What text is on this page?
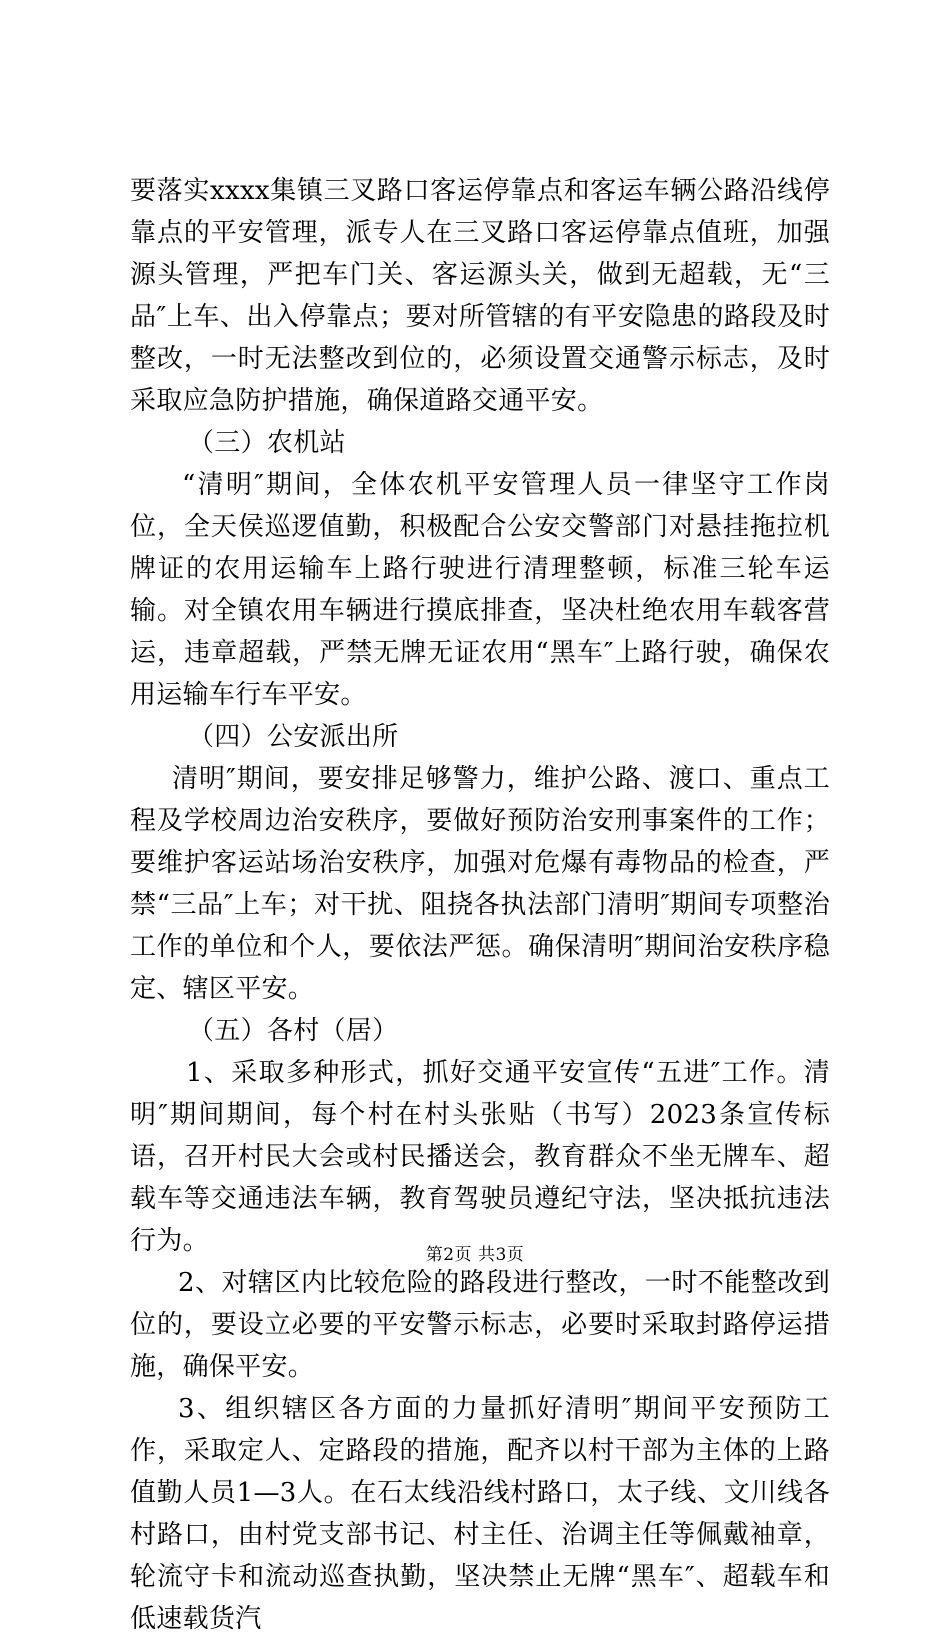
要落实xxxx集镇三叉路口客运停靠点和客运车辆公路沿线停靠点的平安管理，派专人在三叉路口客运停靠点值班，加强源头管理，严把车门关、客运源头关，做到无超载，无“三品″上车、出入停靠点；要对所管辖的有平安隐患的路段及时整改，一时无法整改到位的，必须设置交通警示标志，及时采取应急防护措施，确保道路交通平安。

（三）农机站

“清明″期间，全体农机平安管理人员一律坚守工作岗位，全天侯巡逻值勤，积极配合公安交警部门对悬挂拖拉机牌证的农用运输车上路行驶进行清理整顿，标准三轮车运输。对全镇农用车辆进行摸底排查，坚决杜绝农用车载客营运，违章超载，严禁无牌无证农用“黑车″上路行驶，确保农用运输车行车平安。

（四）公安派出所

清明″期间，要安排足够警力，维护公路、渡口、重点工程及学校周边治安秩序，要做好预防治安刑事案件的工作；要维护客运站场治安秩序，加强对危爆有毒物品的检查，严禁“三品″上车；对干扰、阻挠各执法部门清明″期间专项整治工作的单位和个人，要依法严惩。确保清明″期间治安秩序稳定、辖区平安。

（五）各村（居）

1、采取多种形式，抓好交通平安宣传“五进″工作。清明″期间期间，每个村在村头张贴（书写）2023条宣传标语，召开村民大会或村民播送会，教育群众不坐无牌车、超载车等交通违法车辆，教育驾驶员遵纪守法，坚决抵抗违法行为。

2、对辖区内比较危险的路段进行整改，一时不能整改到位的，要设立必要的平安警示标志，必要时采取封路停运措施，确保平安。

3、组织辖区各方面的力量抓好清明″期间平安预防工作，采取定人、定路段的措施，配齐以村干部为主体的上路值勤人员1—3人。在石太线沿线村路口，太子线、文川线各村路口，由村党支部书记、村主任、治调主任等佩戴袖章，轮流守卡和流动巡查执勤，坚决禁止无牌“黑车″、超载车和低速载货汽

第2页 共3页
